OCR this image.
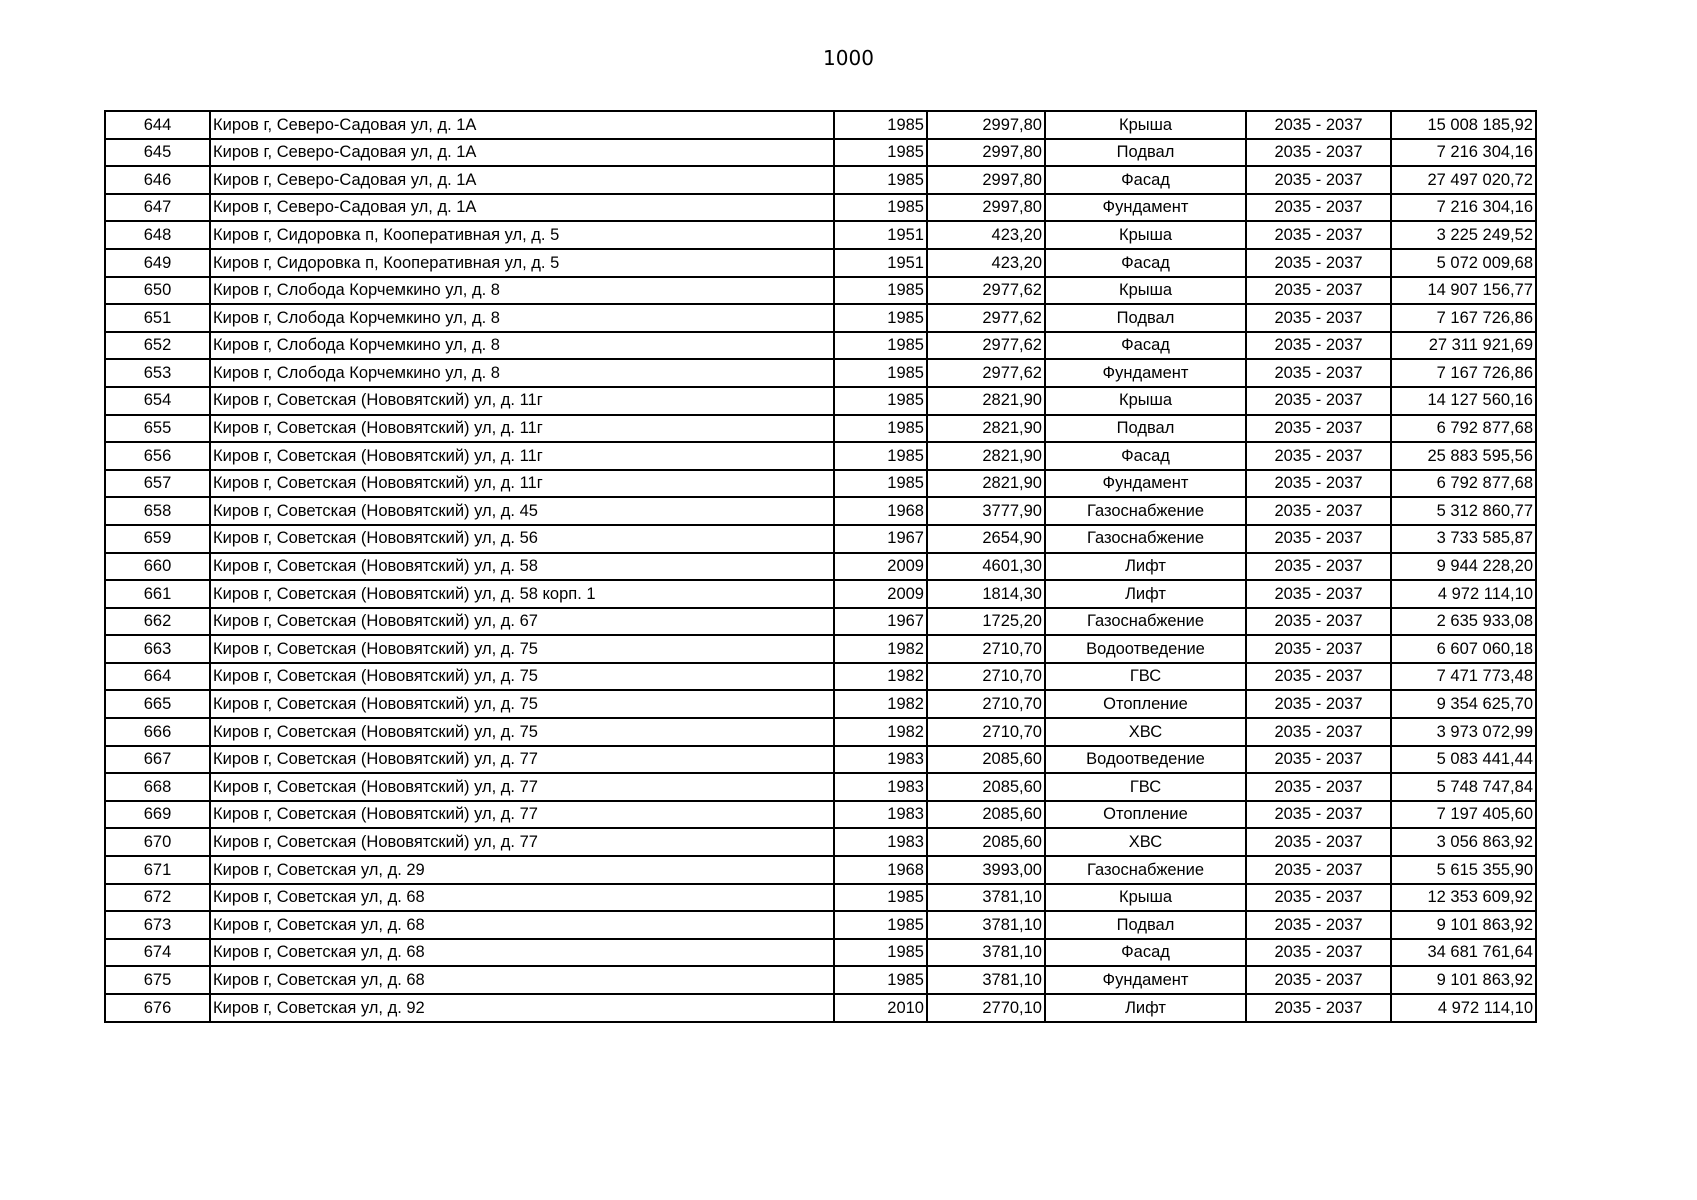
1000
644	Киров г, Северо-Садовая ул, д. 1А	1985	2997,80	Крыша	2035 - 2037	15 008 185,92
645	Киров г, Северо-Садовая ул, д. 1А	1985	2997,80	Подвал	2035 - 2037	7 216 304,16
646	Киров г, Северо-Садовая ул, д. 1А	1985	2997,80	Фасад	2035 - 2037	27 497 020,72
647	Киров г, Северо-Садовая ул, д. 1А	1985	2997,80	Фундамент	2035 - 2037	7 216 304,16
648	Киров г, Сидоровка п, Кооперативная ул, д. 5	1951	423,20	Крыша	2035 - 2037	3 225 249,52
649	Киров г, Сидоровка п, Кооперативная ул, д. 5	1951	423,20	Фасад	2035 - 2037	5 072 009,68
650	Киров г, Слобода Корчемкино ул, д. 8	1985	2977,62	Крыша	2035 - 2037	14 907 156,77
651	Киров г, Слобода Корчемкино ул, д. 8	1985	2977,62	Подвал	2035 - 2037	7 167 726,86
652	Киров г, Слобода Корчемкино ул, д. 8	1985	2977,62	Фасад	2035 - 2037	27 311 921,69
653	Киров г, Слобода Корчемкино ул, д. 8	1985	2977,62	Фундамент	2035 - 2037	7 167 726,86
654	Киров г, Советская (Нововятский) ул, д. 11г	1985	2821,90	Крыша	2035 - 2037	14 127 560,16
655	Киров г, Советская (Нововятский) ул, д. 11г	1985	2821,90	Подвал	2035 - 2037	6 792 877,68
656	Киров г, Советская (Нововятский) ул, д. 11г	1985	2821,90	Фасад	2035 - 2037	25 883 595,56
657	Киров г, Советская (Нововятский) ул, д. 11г	1985	2821,90	Фундамент	2035 - 2037	6 792 877,68
658	Киров г, Советская (Нововятский) ул, д. 45	1968	3777,90	Газоснабжение	2035 - 2037	5 312 860,77
659	Киров г, Советская (Нововятский) ул, д. 56	1967	2654,90	Газоснабжение	2035 - 2037	3 733 585,87
660	Киров г, Советская (Нововятский) ул, д. 58	2009	4601,30	Лифт	2035 - 2037	9 944 228,20
661	Киров г, Советская (Нововятский) ул, д. 58 корп. 1	2009	1814,30	Лифт	2035 - 2037	4 972 114,10
662	Киров г, Советская (Нововятский) ул, д. 67	1967	1725,20	Газоснабжение	2035 - 2037	2 635 933,08
663	Киров г, Советская (Нововятский) ул, д. 75	1982	2710,70	Водоотведение	2035 - 2037	6 607 060,18
664	Киров г, Советская (Нововятский) ул, д. 75	1982	2710,70	ГВС	2035 - 2037	7 471 773,48
665	Киров г, Советская (Нововятский) ул, д. 75	1982	2710,70	Отопление	2035 - 2037	9 354 625,70
666	Киров г, Советская (Нововятский) ул, д. 75	1982	2710,70	ХВС	2035 - 2037	3 973 072,99
667	Киров г, Советская (Нововятский) ул, д. 77	1983	2085,60	Водоотведение	2035 - 2037	5 083 441,44
668	Киров г, Советская (Нововятский) ул, д. 77	1983	2085,60	ГВС	2035 - 2037	5 748 747,84
669	Киров г, Советская (Нововятский) ул, д. 77	1983	2085,60	Отопление	2035 - 2037	7 197 405,60
670	Киров г, Советская (Нововятский) ул, д. 77	1983	2085,60	ХВС	2035 - 2037	3 056 863,92
671	Киров г, Советская ул, д. 29	1968	3993,00	Газоснабжение	2035 - 2037	5 615 355,90
672	Киров г, Советская ул, д. 68	1985	3781,10	Крыша	2035 - 2037	12 353 609,92
673	Киров г, Советская ул, д. 68	1985	3781,10	Подвал	2035 - 2037	9 101 863,92
674	Киров г, Советская ул, д. 68	1985	3781,10	Фасад	2035 - 2037	34 681 761,64
675	Киров г, Советская ул, д. 68	1985	3781,10	Фундамент	2035 - 2037	9 101 863,92
676	Киров г, Советская ул, д. 92	2010	2770,10	Лифт	2035 - 2037	4 972 114,10
